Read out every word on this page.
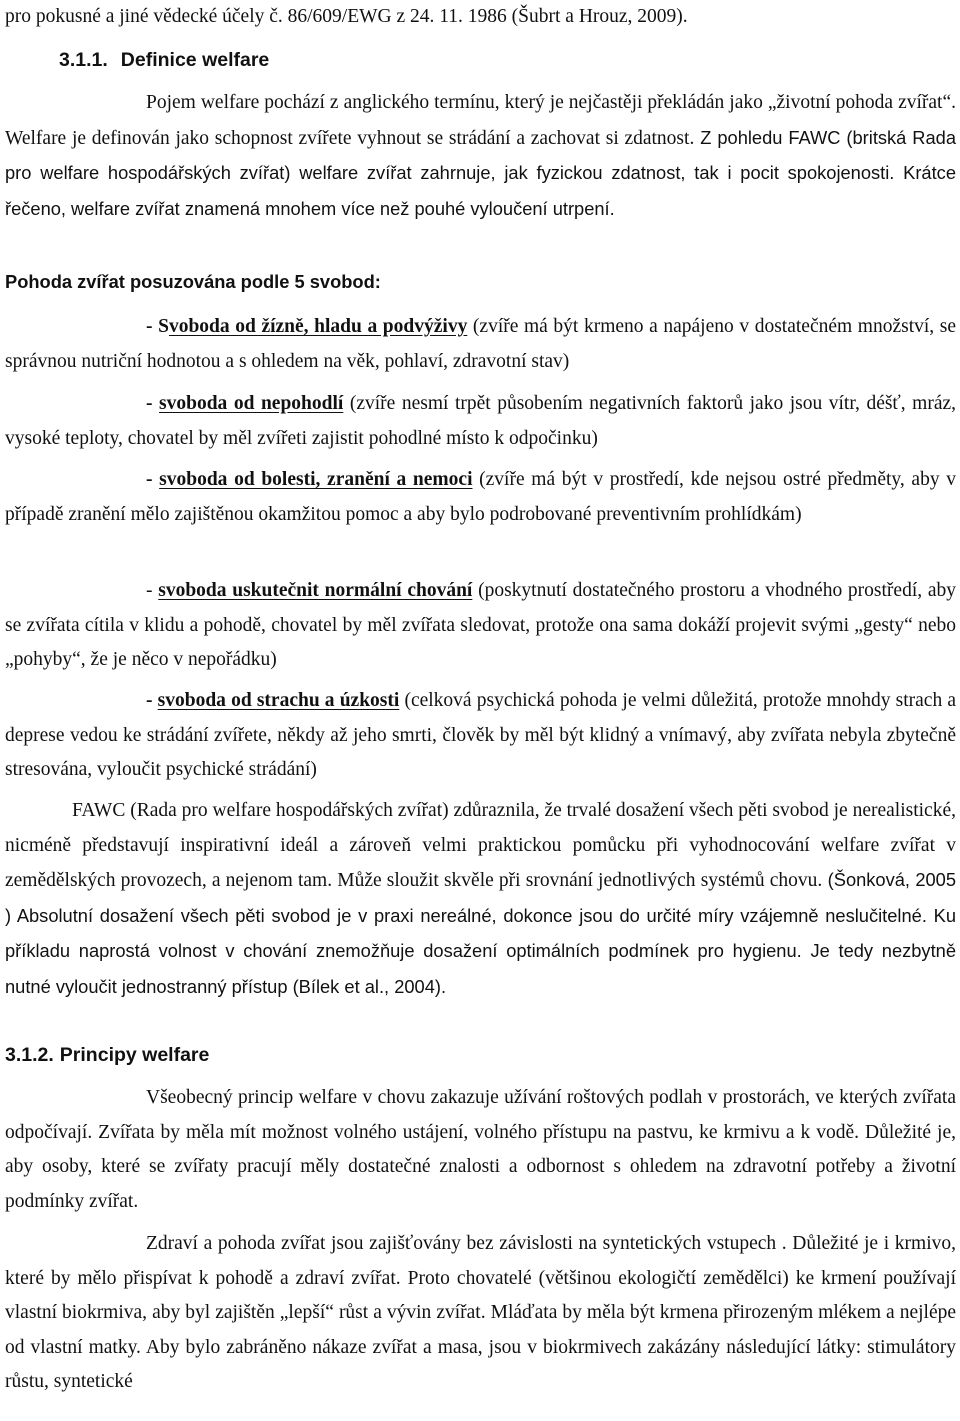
pro pokusné a jiné vědecké účely č. 86/609/EWG z 24. 11. 1986 (Šubrt a Hrouz, 2009).

3.1.1. Definice welfare

Pojem welfare pochází z anglického termínu, který je nejčastěji překládán jako „životní pohoda zvířat“. Welfare je definován jako schopnost zvířete vyhnout se strádání a zachovat si zdatnost. Z pohledu FAWC (britská Rada pro welfare hospodářských zvířat) welfare zvířat zahrnuje, jak fyzickou zdatnost, tak i pocit spokojenosti. Krátce řečeno, welfare zvířat znamená mnohem více než pouhé vyloučení utrpení.

Pohoda zvířat posuzována podle 5 svobod:

- Svoboda od žízně, hladu a podvýživy (zvíře má být krmeno a napájeno v dostatečném množství, se správnou nutriční hodnotou a s ohledem na věk, pohlaví, zdravotní stav)

- svoboda od nepohodlí (zvíře nesmí trpět působením negativních faktorů jako jsou vítr, déšť, mráz, vysoké teploty, chovatel by měl zvířeti zajistit pohodlné místo k odpočinku)

- svoboda od bolesti, zranění a nemoci (zvíře má být v prostředí, kde nejsou ostré předměty, aby v případě zranění mělo zajištěnou okamžitou pomoc a aby bylo podrobované preventivním prohlídkám)

- svoboda uskutečnit normální chování (poskytnutí dostatečného prostoru a vhodného prostředí, aby se zvířata cítila v klidu a pohodě, chovatel by měl zvířata sledovat, protože ona sama dokáží projevit svými „gesty“ nebo „pohyby“, že je něco v nepořádku)

- svoboda od strachu a úzkosti (celková psychická pohoda je velmi důležitá, protože mnohdy strach a deprese vedou ke strádání zvířete, někdy až jeho smrti, člověk by měl být klidný a vnímavý, aby zvířata nebyla zbytečně stresována, vyloučit psychické strádání)

FAWC (Rada pro welfare hospodářských zvířat) zdůraznila, že trvalé dosažení všech pěti svobod je nerealistické, nicméně představují inspirativní ideál a zároveň velmi praktickou pomůcku při vyhodnocování welfare zvířat v zemědělských provozech, a nejenom tam. Může sloužit skvěle při srovnání jednotlivých systémů chovu. (Šonková, 2005 ) Absolutní dosažení všech pěti svobod je v praxi nereálné, dokonce jsou do určité míry vzájemně neslučitelné. Ku příkladu naprostá volnost v chování znemožňuje dosažení optimálních podmínek pro hygienu. Je tedy nezbytně nutné vyloučit jednostranný přístup (Bílek et al., 2004).

3.1.2. Principy welfare

Všeobecný princip welfare v chovu zakazuje užívání roštových podlah v prostorách, ve kterých zvířata odpočívají. Zvířata by měla mít možnost volného ustájení, volného přístupu na pastvu, ke krmivu a k vodě. Důležité je, aby osoby, které se zvířaty pracují měly dostatečné znalosti a odbornost s ohledem na zdravotní potřeby a životní podmínky zvířat.

Zdraví a pohoda zvířat jsou zajišťovány bez závislosti na syntetických vstupech . Důležité je i krmivo, které by mělo přispívat k pohodě a zdraví zvířat. Proto chovatelé (většinou ekologičtí zemědělci) ke krmení používají vlastní biokrmiva, aby byl zajištěn „lepší“ růst a vývin zvířat. Mláďata by měla být krmena přirozeným mlékem a nejlépe od vlastní matky. Aby bylo zabráněno nákaze zvířat a masa, jsou v biokrmivech zakázány následující látky: stimulátory růstu, syntetické
